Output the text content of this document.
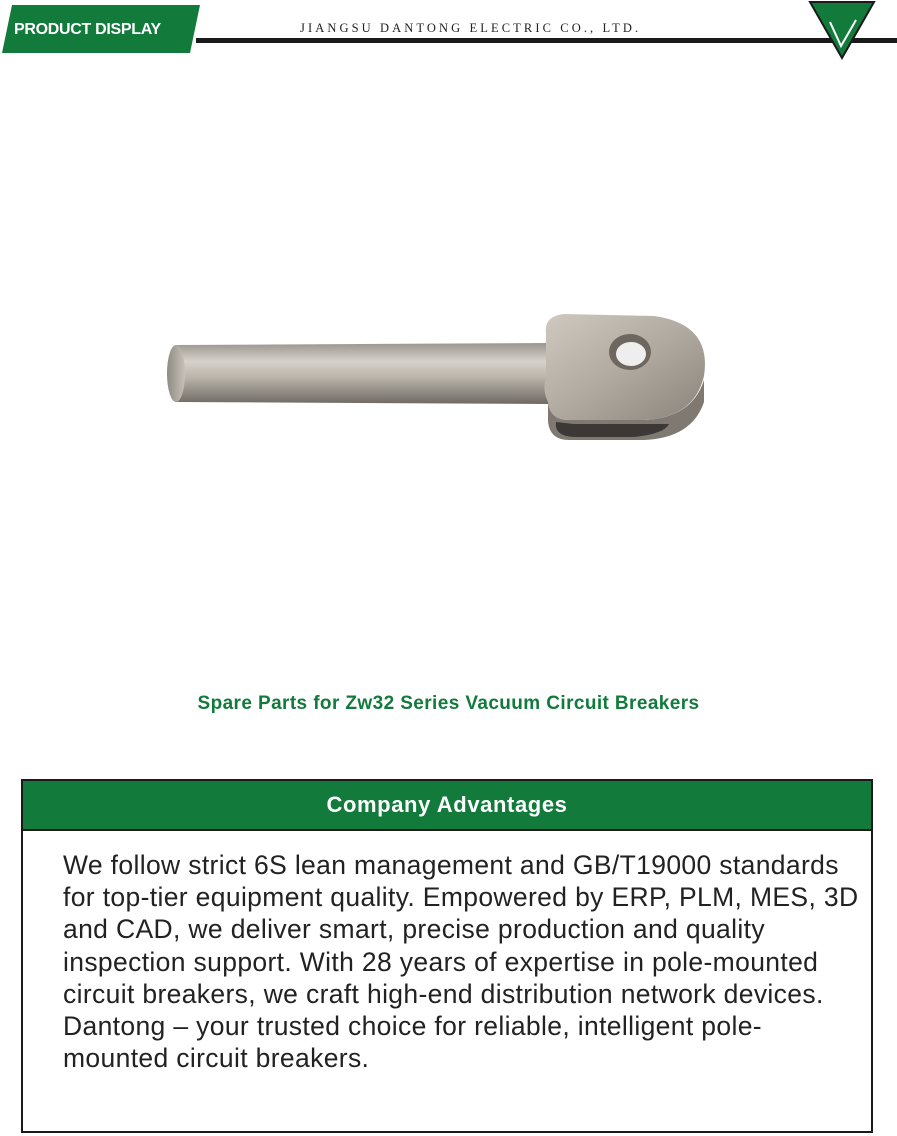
PRODUCT DISPLAY	JIANGSU DANTONG ELECTRIC CO., LTD.
Spare Parts for Zw32 Series Vacuum Circuit Breakers
Company Advantages
We follow strict 6S lean management and GB/T19000 standards for top-tier equipment quality. Empowered by ERP, PLM, MES, 3D and CAD, we deliver smart, precise production and quality inspection support. With 28 years of expertise in pole-mounted circuit breakers, we craft high-end distribution network devices. Dantong – your trusted choice for reliable, intelligent pole-mounted circuit breakers.
